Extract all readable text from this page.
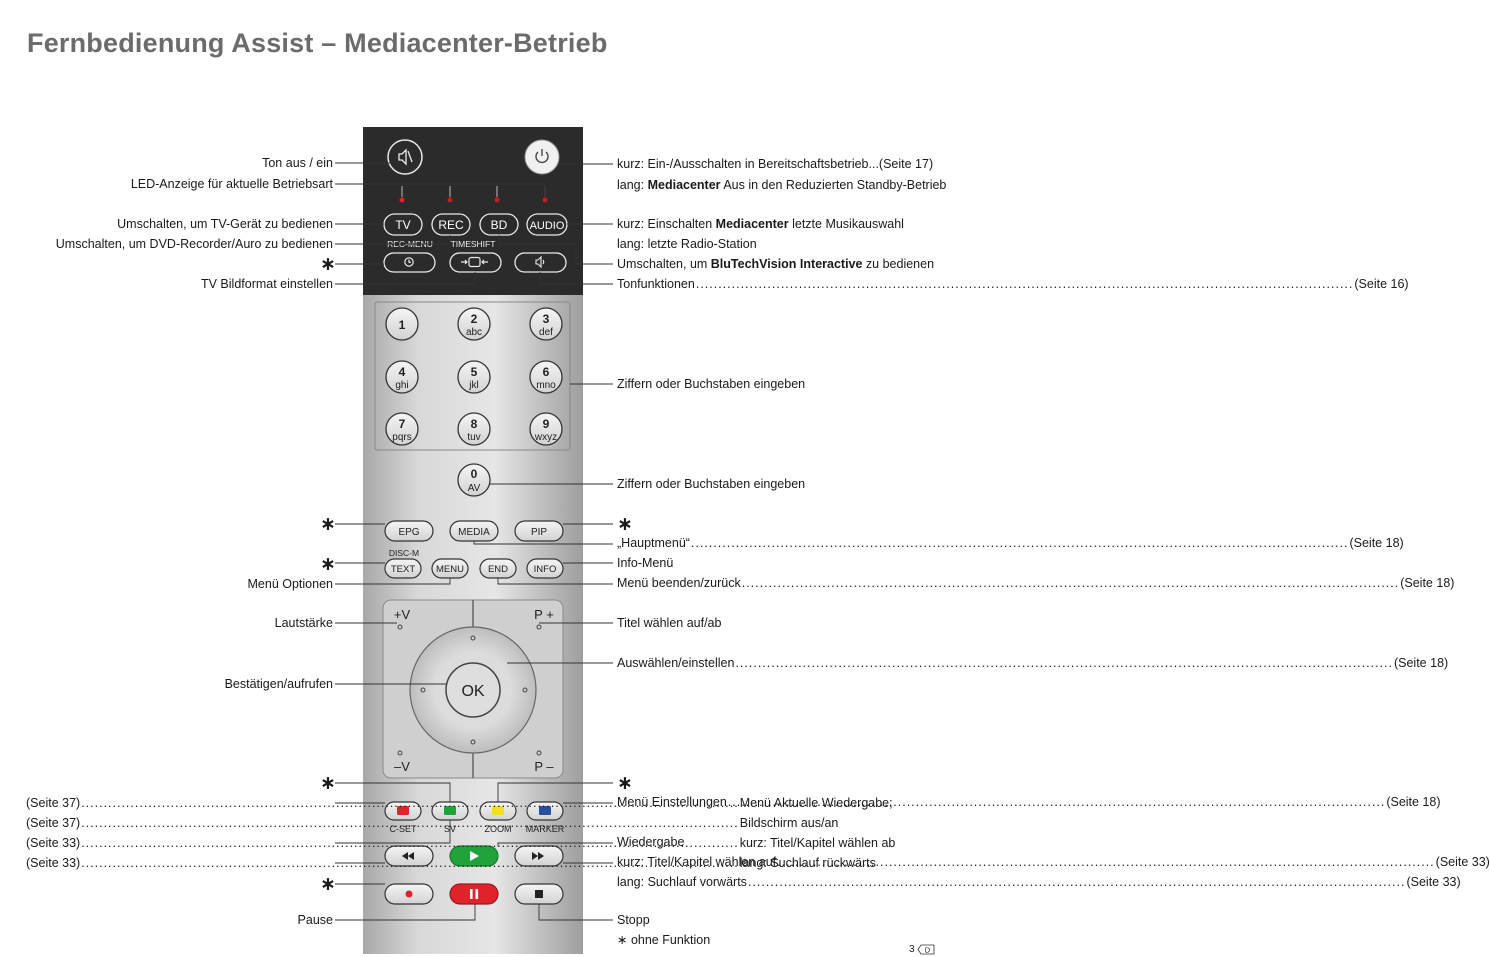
Fernbedienung Assist – Mediacenter-Betrieb
TV REC BD AUDIO
REC-MENU TIMESHIFT
1	2
abc
3
def
4
ghi
5
jkl
6
mno
7
pqrs
8
tuv
9
wxyz
0
AV
EPG	MEDIA	PIP
DISC-M
TEXT MENU	END	INFO
OK
+V	P +
–V	P –
C-SET	SV	ZOOM MARKER
Ton aus / ein
LED-Anzeige für aktuelle Betriebsart
Umschalten, um TV-Gerät zu bedienen
Umschalten, um DVD-Recorder/Auro zu bedienen
∗
TV Bildformat einstellen
∗
∗
Menü Optionen
Lautstärke
Bestätigen/aufrufen
∗
(Seite 37) .....	Menü Aktuelle Wiedergabe;
(Seite 37) .....	Bildschirm aus/an
(Seite 33) .....	kurz: Titel/Kapitel wählen ab
(Seite 33) .....	lang: Suchlauf rückwärts
∗
Pause
kurz: Ein-/Ausschalten in Bereitschaftsbetrieb ...(Seite 17)
lang: Mediacenter Aus in den Reduzierten Standby-Betrieb
kurz: Einschalten Mediacenter letzte Musikauswahl
lang: letzte Radio-Station
Umschalten, um BluTechVision Interactive zu bedienen
Tonfunktionen .....	(Seite 16)
Ziffern oder Buchstaben eingeben
Ziffern oder Buchstaben eingeben
∗
„Hauptmenü“ .....	(Seite 18)
Info-Menü
Menü beenden/zurück .....	(Seite 18)
Titel wählen auf/ab
Auswählen/einstellen .....	(Seite 18)
∗
Menü Einstellungen .....	(Seite 18)
Wiedergabe
kurz: Titel/Kapitel wählen auf .....	(Seite 33)
lang: Suchlauf vorwärts .....	(Seite 33)
Stopp
∗ ohne Funktion
3 D
